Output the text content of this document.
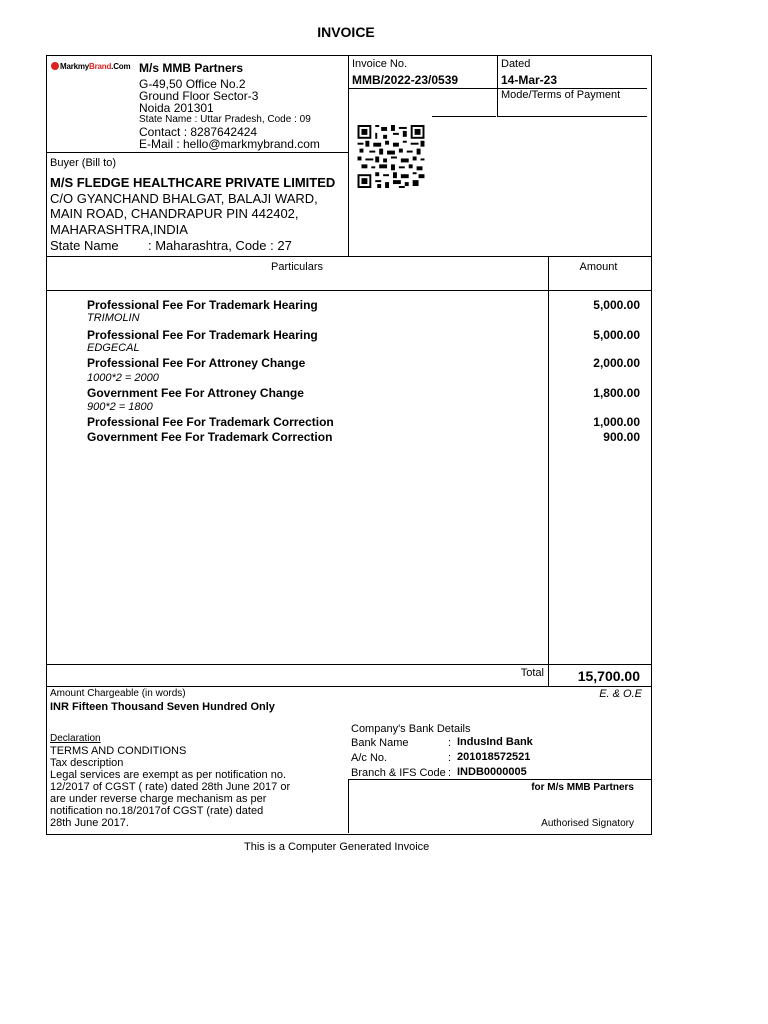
INVOICE
MarkmyBrand.Com M/s MMB Partners
G-49,50 Office No.2
Ground Floor Sector-3
Noida 201301
State Name : Uttar Pradesh, Code : 09
Contact : 8287642424
E-Mail : hello@markmybrand.com
Invoice No.
MMB/2022-23/0539
Dated
14-Mar-23
Mode/Terms of Payment
Buyer (Bill to)
M/S FLEDGE HEALTHCARE PRIVATE LIMITED
C/O GYANCHAND BHALGAT, BALAJI WARD,
MAIN ROAD, CHANDRAPUR PIN 442402,
MAHARASHTRA,INDIA
State Name : Maharashtra, Code : 27
Particulars	Amount
Professional Fee For Trademark Hearing
TRIMOLIN
5,000.00
Professional Fee For Trademark Hearing
EDGECAL
5,000.00
Professional Fee For Attroney Change
1000*2 = 2000
2,000.00
Government Fee For Attroney Change
900*2 = 1800
1,800.00
Professional Fee For Trademark Correction	1,000.00
Government Fee For Trademark Correction	900.00
Total	15,700.00
Amount Chargeable (in words)	E. & O.E
INR Fifteen Thousand Seven Hundred Only
Declaration
TERMS AND CONDITIONS
Tax description
Legal services are exempt as per notification no.
12/2017 of CGST ( rate) dated 28th June 2017 or
are under reverse charge mechanism as per
notification no.18/2017of CGST (rate) dated
28th June 2017.
Company's Bank Details
Bank Name	: IndusInd Bank
A/c No.	: 201018572521
Branch & IFS Code : INDB0000005
for M/s MMB Partners
Authorised Signatory
This is a Computer Generated Invoice
